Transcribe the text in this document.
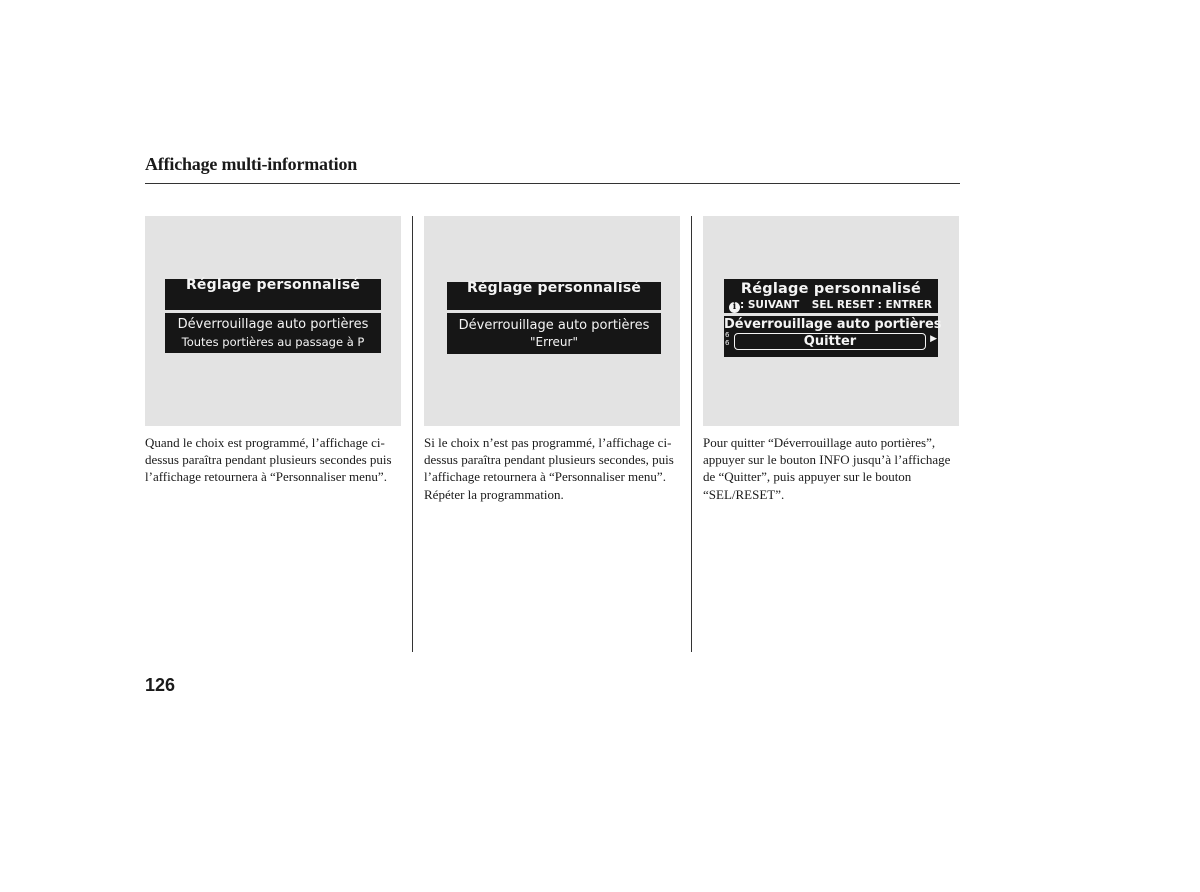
Affichage multi-information
Réglage personnalisé
Déverrouillage auto portières
Toutes portières au passage à P
Réglage personnalisé
Déverrouillage auto portières
"Erreur"
Réglage personnalisé
i : SUIVANT SEL RESET : ENTRER
Déverrouillage auto portières
6 6	Quitter	▶
Quand le choix est programmé, l’affichage ci-dessus paraîtra pendant plusieurs secondes puis l’affichage retournera à “Personnaliser menu”.
Si le choix n’est pas programmé, l’affichage ci-dessus paraîtra pendant plusieurs secondes, puis l’affichage retournera à “Personnaliser menu”. Répéter la programmation.
Pour quitter “Déverrouillage auto portières”, appuyer sur le bouton INFO jusqu’à l’affichage de “Quitter”, puis appuyer sur le bouton “SEL/RESET”.
126
